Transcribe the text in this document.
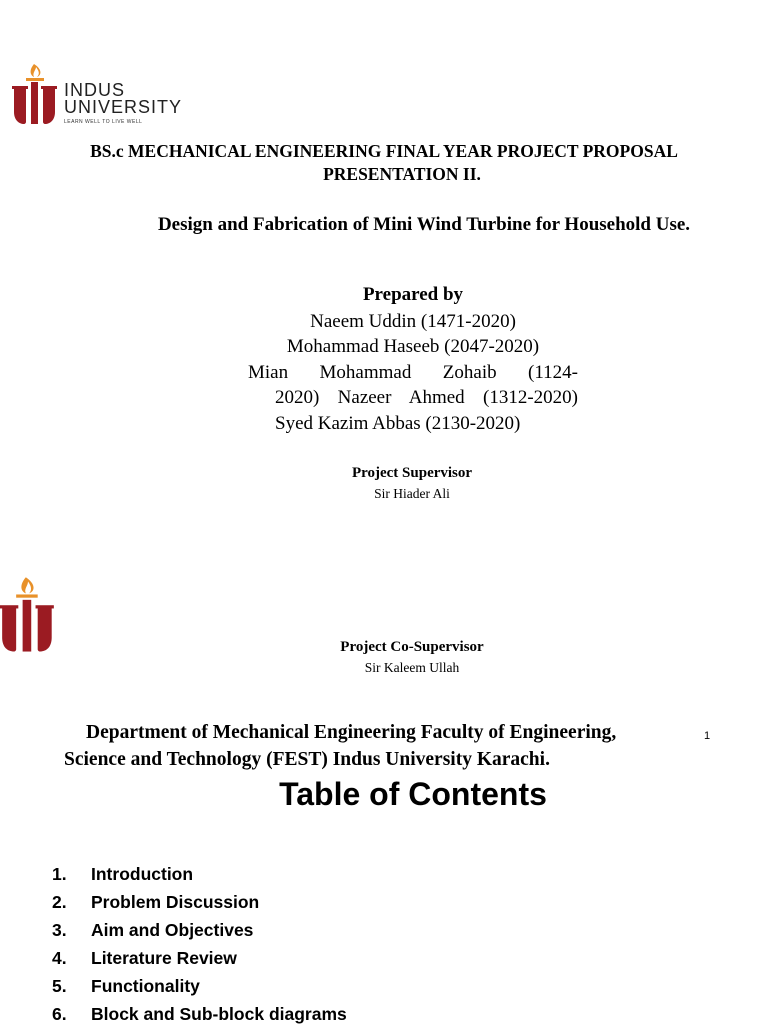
INDUS
UNIVERSITY
LEARN WELL TO LIVE WELL
BS.c MECHANICAL ENGINEERING FINAL YEAR PROJECT PROPOSAL
PRESENTATION II.
Design and Fabrication of Mini Wind Turbine for Household Use.
Prepared by
Naeem Uddin (1471-2020)
Mohammad Haseeb (2047-2020)
Mian Mohammad Zohaib (1124-
2020) Nazeer Ahmed (1312-2020)
Syed Kazim Abbas (2130-2020)
Project Supervisor
Sir Hiader Ali
Project Co-Supervisor
Sir Kaleem Ullah
Department of Mechanical Engineering Faculty of Engineering, Science and Technology (FEST) Indus University Karachi.
1
Table of Contents
1. Introduction
2. Problem Discussion
3. Aim and Objectives
4. Literature Review
5. Functionality
6. Block and Sub-block diagrams
